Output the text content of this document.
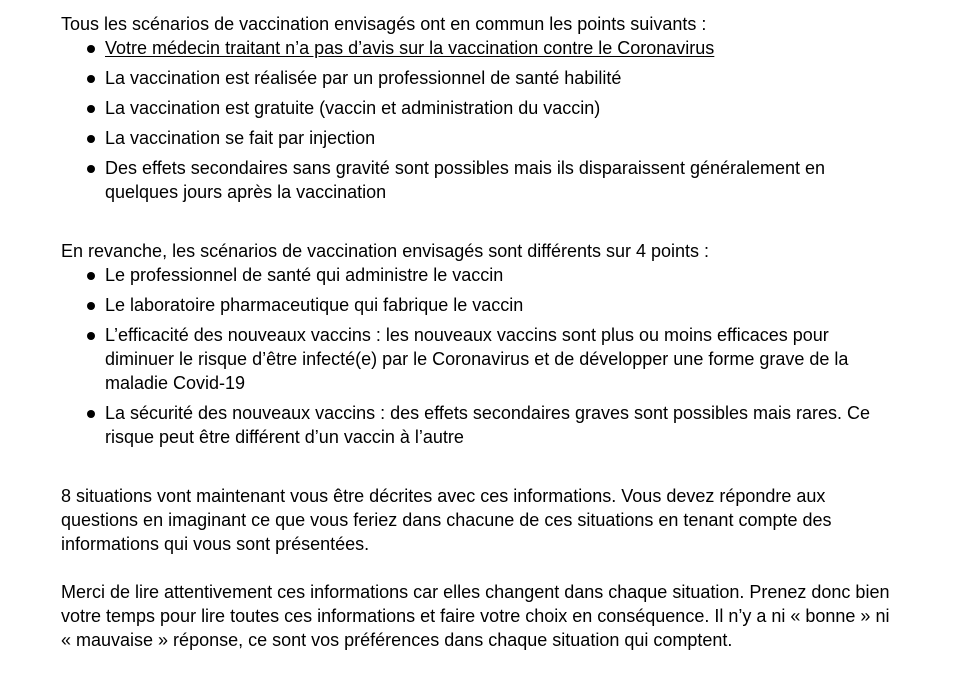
Tous les scénarios de vaccination envisagés ont en commun les points suivants :

Votre médecin traitant n’a pas d’avis sur la vaccination contre le Coronavirus
La vaccination est réalisée par un professionnel de santé habilité
La vaccination est gratuite (vaccin et administration du vaccin)
La vaccination se fait par injection
Des effets secondaires sans gravité sont possibles mais ils disparaissent généralement en quelques jours après la vaccination

En revanche, les scénarios de vaccination envisagés sont différents sur 4 points :

Le professionnel de santé qui administre le vaccin
Le laboratoire pharmaceutique qui fabrique le vaccin
L’efficacité des nouveaux vaccins : les nouveaux vaccins sont plus ou moins efficaces pour diminuer le risque d’être infecté(e) par le Coronavirus et de développer une forme grave de la maladie Covid-19
La sécurité des nouveaux vaccins : des effets secondaires graves sont possibles mais rares. Ce risque peut être différent d’un vaccin à l’autre

8 situations vont maintenant vous être décrites avec ces informations. Vous devez répondre aux questions en imaginant ce que vous feriez dans chacune de ces situations en tenant compte des informations qui vous sont présentées.

Merci de lire attentivement ces informations car elles changent dans chaque situation. Prenez donc bien votre temps pour lire toutes ces informations et faire votre choix en conséquence. Il n’y a ni « bonne » ni « mauvaise » réponse, ce sont vos préférences dans chaque situation qui comptent.
